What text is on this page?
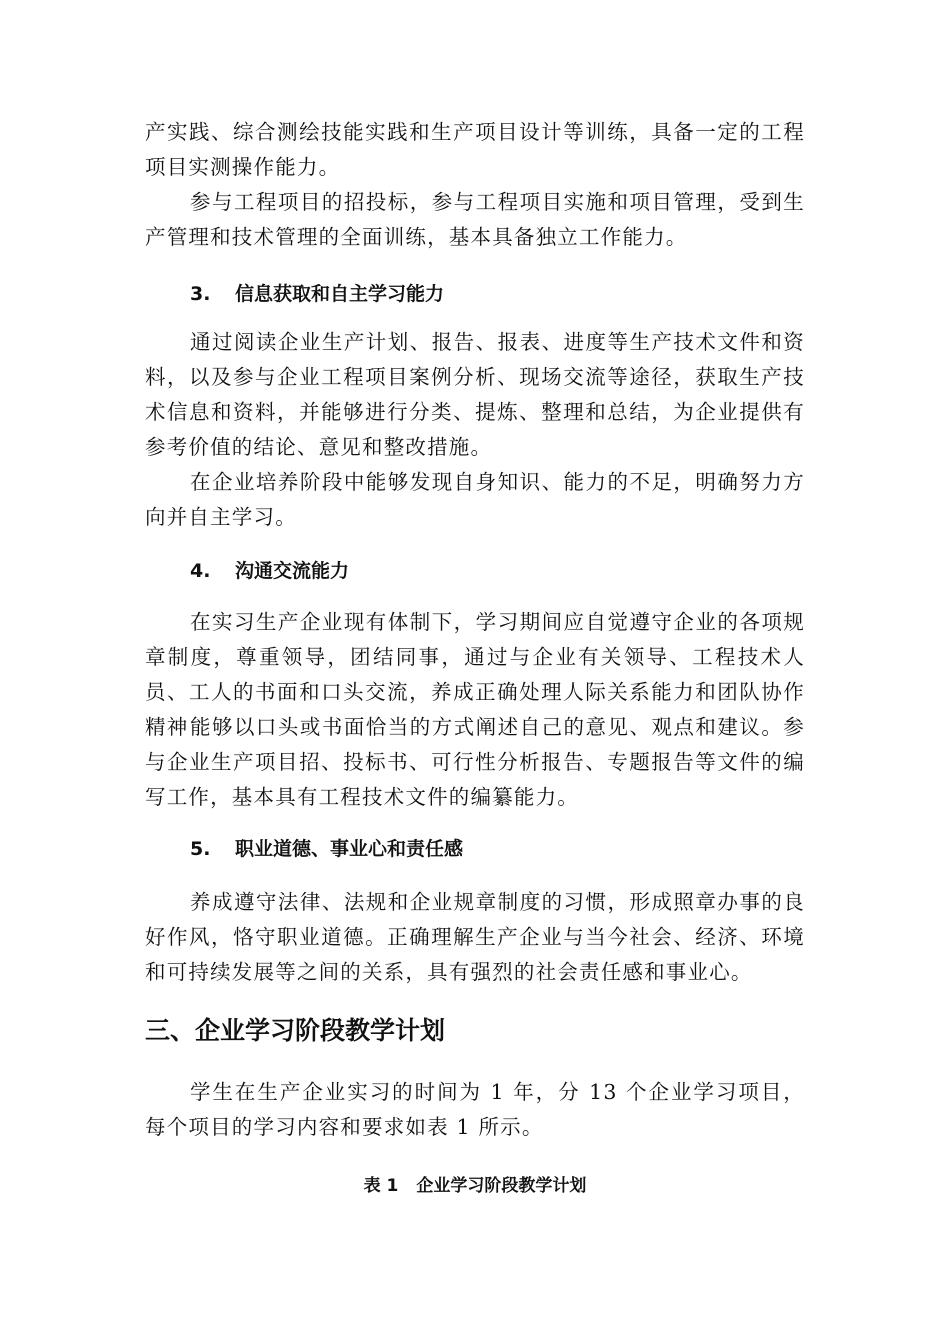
产实践、综合测绘技能实践和生产项目设计等训练，具备一定的工程项目实测操作能力。

参与工程项目的招投标，参与工程项目实施和项目管理，受到生产管理和技术管理的全面训练，基本具备独立工作能力。

3. 信息获取和自主学习能力

通过阅读企业生产计划、报告、报表、进度等生产技术文件和资料，以及参与企业工程项目案例分析、现场交流等途径，获取生产技术信息和资料，并能够进行分类、提炼、整理和总结，为企业提供有参考价值的结论、意见和整改措施。

在企业培养阶段中能够发现自身知识、能力的不足，明确努力方向并自主学习。

4. 沟通交流能力

在实习生产企业现有体制下，学习期间应自觉遵守企业的各项规章制度，尊重领导，团结同事，通过与企业有关领导、工程技术人员、工人的书面和口头交流，养成正确处理人际关系能力和团队协作精神 能够以口头或书面恰当的方式阐述自己的意见、观点和建议。参与企业生产项目招、投标书、可行性分析报告、专题报告等文件的编写工作，基本具有工程技术文件的编纂能力。

5. 职业道德、事业心和责任感

养成遵守法律、法规和企业规章制度的习惯，形成照章办事的良好作风，恪守职业道德。正确理解生产企业与当今社会、经济、环境和可持续发展等之间的关系，具有强烈的社会责任感和事业心。

三、企业学习阶段教学计划

学生在生产企业实习的时间为 1 年，分 13 个企业学习项目，每个项目的学习内容和要求如表 1 所示。

表 1 企业学习阶段教学计划
